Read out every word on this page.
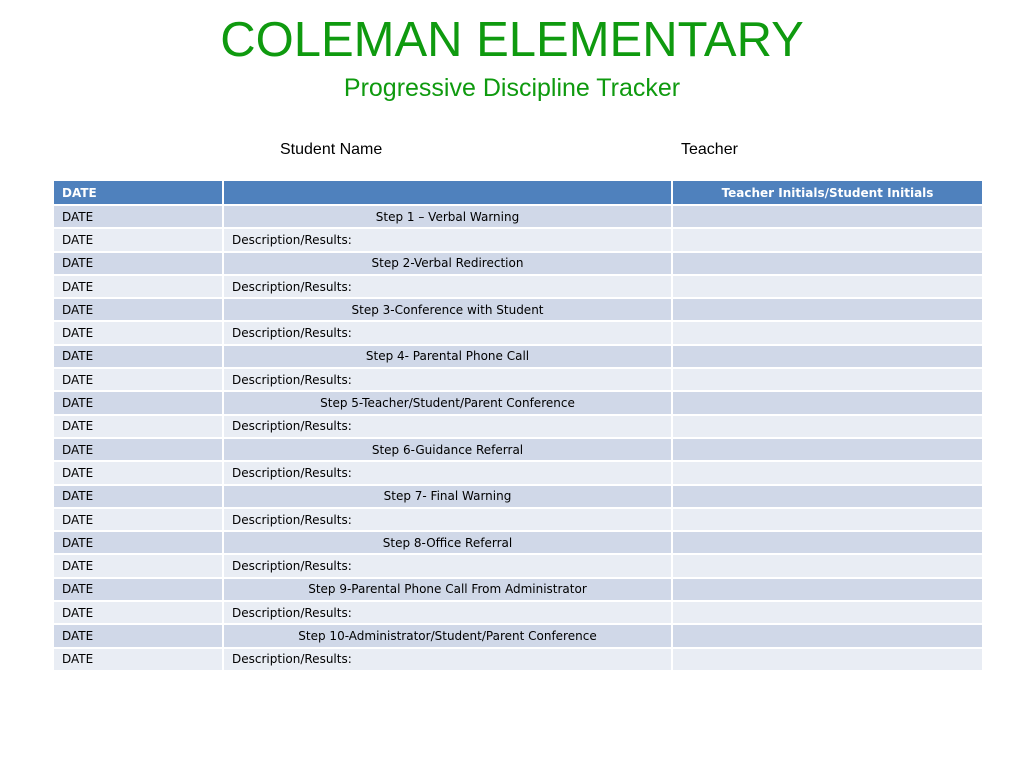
COLEMAN ELEMENTARY
Progressive Discipline Tracker
Student Name	Teacher
DATE		Teacher Initials/Student Initials
DATE	Step 1 – Verbal Warning	
DATE	Description/Results:	
DATE	Step 2-Verbal Redirection	
DATE	Description/Results:	
DATE	Step 3-Conference with Student	
DATE	Description/Results:	
DATE	Step 4- Parental Phone Call	
DATE	Description/Results:	
DATE	Step 5-Teacher/Student/Parent Conference	
DATE	Description/Results:	
DATE	Step 6-Guidance Referral	
DATE	Description/Results:	
DATE	Step 7- Final Warning	
DATE	Description/Results:	
DATE	Step 8-Office Referral	
DATE	Description/Results:	
DATE	Step 9-Parental Phone Call From Administrator	
DATE	Description/Results:	
DATE	Step 10-Administrator/Student/Parent Conference	
DATE	Description/Results:	
